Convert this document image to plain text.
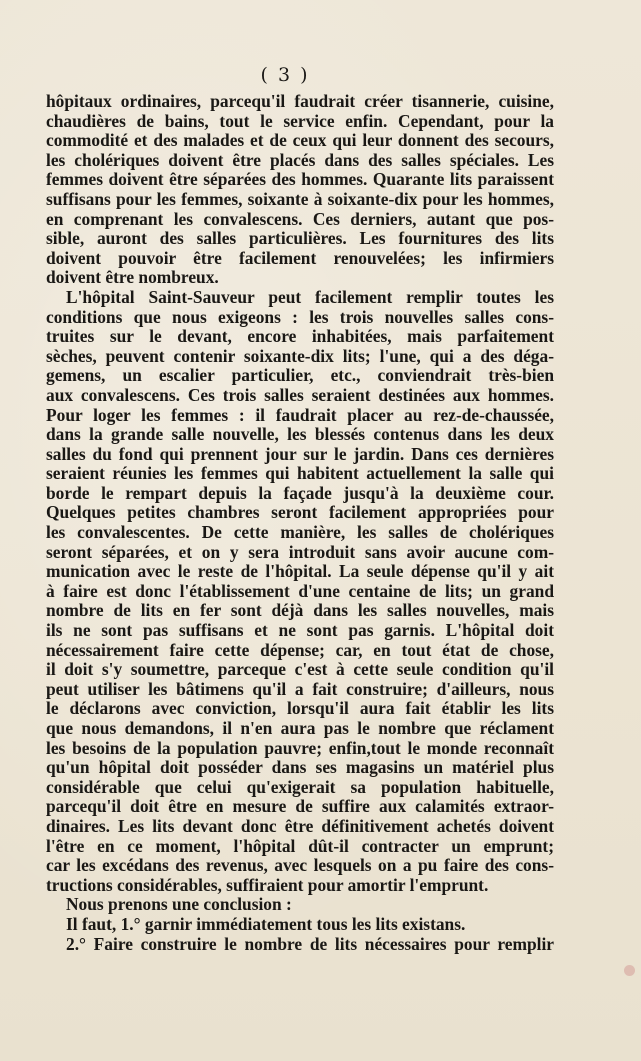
( 3 )
hôpitaux ordinaires, parcequ'il faudrait créer tisannerie, cuisine,
chaudières de bains, tout le service enfin. Cependant, pour la
commodité et des malades et de ceux qui leur donnent des secours,
les cholériques doivent être placés dans des salles spéciales. Les
femmes doivent être séparées des hommes. Quarante lits paraissent
suffisans pour les femmes, soixante à soixante-dix pour les hommes,
en comprenant les convalescens. Ces derniers, autant que pos-
sible, auront des salles particulières. Les fournitures des lits
doivent pouvoir être facilement renouvelées; les infirmiers
doivent être nombreux.
L'hôpital Saint-Sauveur peut facilement remplir toutes les
conditions que nous exigeons : les trois nouvelles salles cons-
truites sur le devant, encore inhabitées, mais parfaitement
sèches, peuvent contenir soixante-dix lits; l'une, qui a des déga-
gemens, un escalier particulier, etc., conviendrait très-bien
aux convalescens. Ces trois salles seraient destinées aux hommes.
Pour loger les femmes : il faudrait placer au rez-de-chaussée,
dans la grande salle nouvelle, les blessés contenus dans les deux
salles du fond qui prennent jour sur le jardin. Dans ces dernières
seraient réunies les femmes qui habitent actuellement la salle qui
borde le rempart depuis la façade jusqu'à la deuxième cour.
Quelques petites chambres seront facilement appropriées pour
les convalescentes. De cette manière, les salles de cholériques
seront séparées, et on y sera introduit sans avoir aucune com-
munication avec le reste de l'hôpital. La seule dépense qu'il y ait
à faire est donc l'établissement d'une centaine de lits; un grand
nombre de lits en fer sont déjà dans les salles nouvelles, mais
ils ne sont pas suffisans et ne sont pas garnis. L'hôpital doit
nécessairement faire cette dépense; car, en tout état de chose,
il doit s'y soumettre, parceque c'est à cette seule condition qu'il
peut utiliser les bâtimens qu'il a fait construire; d'ailleurs, nous
le déclarons avec conviction, lorsqu'il aura fait établir les lits
que nous demandons, il n'en aura pas le nombre que réclament
les besoins de la population pauvre; enfin,tout le monde reconnaît
qu'un hôpital doit posséder dans ses magasins un matériel plus
considérable que celui qu'exigerait sa population habituelle,
parcequ'il doit être en mesure de suffire aux calamités extraor-
dinaires. Les lits devant donc être définitivement achetés doivent
l'être en ce moment, l'hôpital dût-il contracter un emprunt;
car les excédans des revenus, avec lesquels on a pu faire des cons-
tructions considérables, suffiraient pour amortir l'emprunt.
Nous prenons une conclusion :
Il faut, 1.° garnir immédiatement tous les lits existans.
2.° Faire construire le nombre de lits nécessaires pour remplir
